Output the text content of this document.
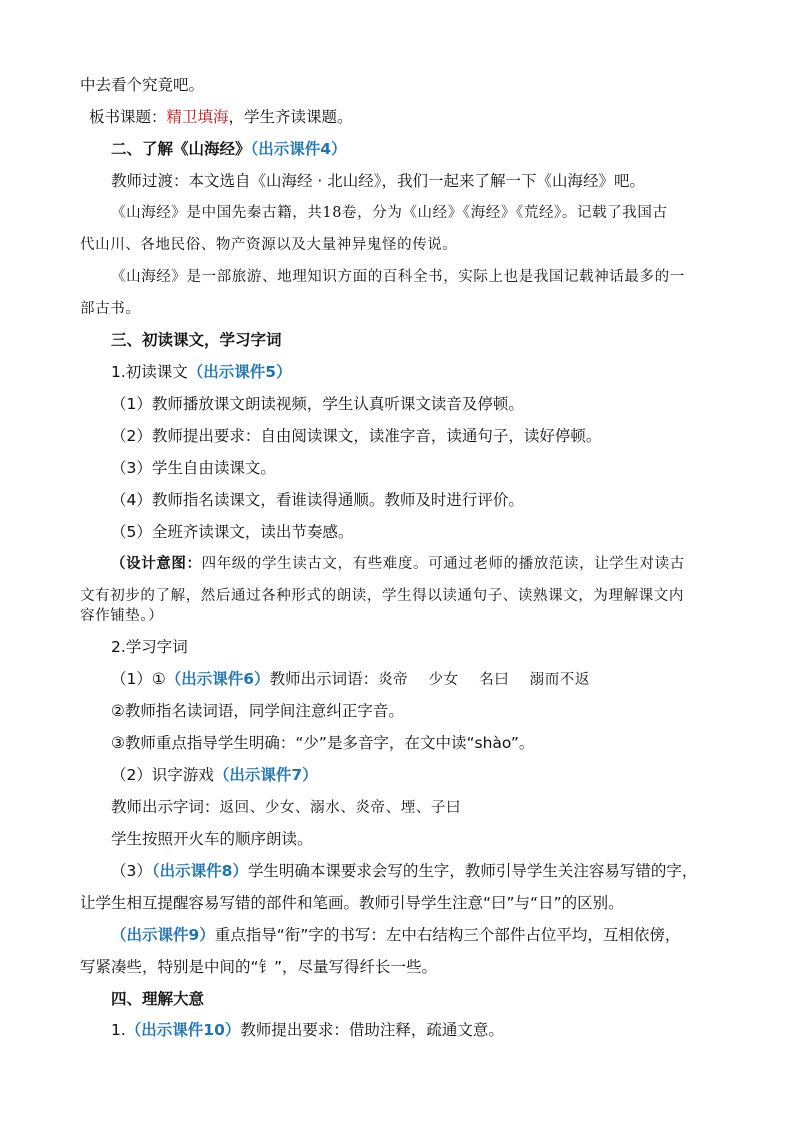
中去看个究竟吧。
板书课题：精卫填海，学生齐读课题。
二、了解《山海经》（出示课件4）
教师过渡：本文选自《山海经 · 北山经》，我们一起来了解一下《山海经》吧。
《山海经》是中国先秦古籍，共18卷，分为《山经》《海经》《荒经》。记载了我国古
代山川、各地民俗、物产资源以及大量神异鬼怪的传说。
《山海经》是一部旅游、地理知识方面的百科全书，实际上也是我国记载神话最多的一
部古书。
三、初读课文，学习字词
1.初读课文（出示课件5）
（1）教师播放课文朗读视频，学生认真听课文读音及停顿。
（2）教师提出要求：自由阅读课文，读准字音，读通句子，读好停顿。
（3）学生自由读课文。
（4）教师指名读课文，看谁读得通顺。教师及时进行评价。
（5）全班齐读课文，读出节奏感。
（设计意图：四年级的学生读古文，有些难度。可通过老师的播放范读，让学生对读古
文有初步的了解，然后通过各种形式的朗读，学生得以读通句子、读熟课文，为理解课文内
容作铺垫。）
2.学习字词
（1）①（出示课件6）教师出示词语：炎帝　 少女　 名曰　 溺而不返
②教师指名读词语，同学间注意纠正字音。
③教师重点指导学生明确：“少”是多音字，在文中读“shào”。
（2）识字游戏（出示课件7）
教师出示字词：返回、少女、溺水、炎帝、堙、子曰
学生按照开火车的顺序朗读。
（3）（出示课件8）学生明确本课要求会写的生字，教师引导学生关注容易写错的字，
让学生相互提醒容易写错的部件和笔画。教师引导学生注意“曰”与“日”的区别。
（出示课件9）重点指导“衔”字的书写：左中右结构三个部件占位平均，互相依傍，
写紧凑些，特别是中间的“钅”，尽量写得纤长一些。
四、理解大意
1.（出示课件10）教师提出要求：借助注释，疏通文意。
